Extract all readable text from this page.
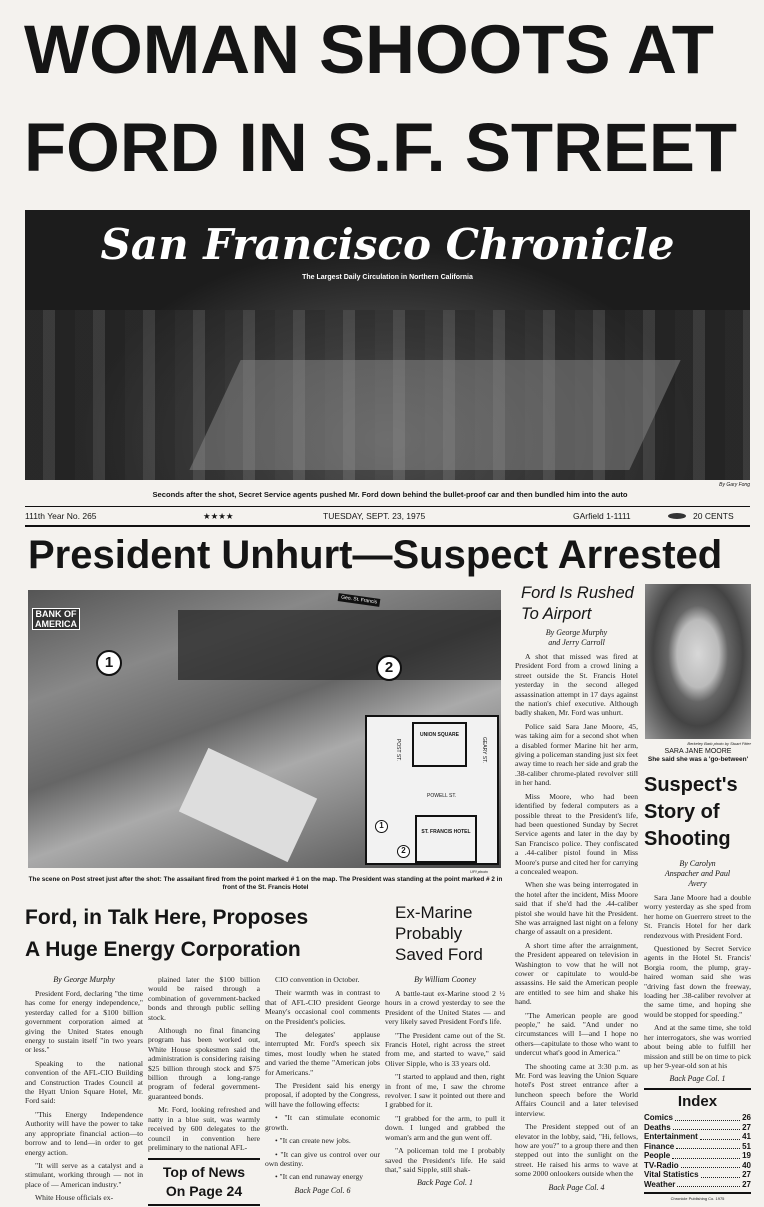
WOMAN SHOOTS AT
FORD IN S.F. STREET
San Francisco Chronicle
The Largest Daily Circulation in Northern California
By Gary Fong
Seconds after the shot, Secret Service agents pushed Mr. Ford down behind the bullet-proof car and then bundled him into the auto
111th Year No. 265	★★★★	TUESDAY, SEPT. 23, 1975	GArfield 1-1111	20 CENTS
President Unhurt—Suspect Arrested
BANK OF AMERICA
Geo. St. Francis
1	2
UNION SQUARE
POST ST.	GEARY ST.
POWELL ST.
ST. FRANCIS HOTEL
1
2
UPI photo
The scene on Post street just after the shot: The assailant fired from the point marked # 1 on the map. The President was standing at the point marked # 2 in front of the St. Francis Hotel
Ford Is Rushed To Airport
By George Murphy and Jerry Carroll

A shot that missed was fired at President Ford from a crowd lining a street outside the St. Francis Hotel yesterday in the second alleged assassination attempt in 17 days against the nation's chief executive. Although badly shaken, Mr. Ford was unhurt.

Police said Sara Jane Moore, 45, was taking aim for a second shot when a disabled former Marine hit her arm, giving a policeman standing just six feet away time to reach her side and grab the .38-caliber chrome-plated revolver still in her hand.

Miss Moore, who had been identified by federal computers as a possible threat to the President's life, had been questioned Sunday by Secret Service agents and later in the day by San Francisco police. They confiscated a .44-caliber pistol found in Miss Moore's purse and cited her for carrying a concealed weapon.

When she was being interrogated in the hotel after the incident, Miss Moore said that if she'd had the .44-caliber pistol she would have hit the President. She was arraigned last night on a felony charge of assault on a president.

A short time after the arraignment, the President appeared on television in Washington to vow that he will not cower or capitulate to would-be assassins. He said the American people are entitled to see him and shake his hand.

"The American people are good people," he said. "And under no circumstances will I—and I hope no others—capitulate to those who want to undercut what's good in America."

The shooting came at 3:30 p.m. as Mr. Ford was leaving the Union Square hotel's Post street entrance after a luncheon speech before the World Affairs Council and a later televised interview.

The President stepped out of an elevator in the lobby, said, "Hi, fellows, how are you?" to a group there and then stepped out into the sunlight on the street. He raised his arms to wave at some 2000 onlookers outside when the

Back Page Col. 4
Berkeley Barb photo by Stuart Fitter
SARA JANE MOORE
She said she was a 'go-between'
Suspect's Story of Shooting
By Carolyn Anspacher and Paul Avery

Sara Jane Moore had a double worry yesterday as she sped from her home on Guerrero street to the St. Francis Hotel for her dark rendezvous with President Ford.

Questioned by Secret Service agents in the Hotel St. Francis' Borgia room, the plump, gray-haired woman said she was "driving fast down the freeway, loading her .38-caliber revolver at the same time, and hoping she would be stopped for speeding."

And at the same time, she told her interrogators, she was worried about being able to fulfill her mission and still be on time to pick up her 9-year-old son at his

Back Page Col. 1
Index
Comics	26
Deaths	27
Entertainment	41
Finance	51
People	19
TV-Radio	40
Vital Statistics	27
Weather	27
Chronicle Publishing Co. 1975
Ford, in Talk Here, Proposes
A Huge Energy Corporation
Ex-Marine Probably Saved Ford
By George Murphy

President Ford, declaring "the time has come for energy independence," yesterday called for a $100 billion government corporation aimed at giving the United States enough energy to sustain itself "in two years or less."

Speaking to the national convention of the AFL-CIO Building and Construction Trades Council at the Hyatt Union Square Hotel, Mr. Ford said:

"This Energy Independence Authority will have the power to take any appropriate financial action—to borrow and to lend—in order to get energy action.

"It will serve as a catalyst and a stimulant, working through — not in place of — American industry."

White House officials ex-

plained later the $100 billion would be raised through a combination of government-backed bonds and through public selling stock.

Although no final financing program has been worked out, White House spokesmen said the administration is considering raising $25 billion through stock and $75 billion through a long-range program of federal government-guaranteed bonds.

Mr. Ford, looking refreshed and natty in a blue suit, was warmly received by 600 delegates to the council in convention here preliminary to the national AFL-

Top of News
On Page 24

CIO convention in October.

Their warmth was in contrast to that of AFL-CIO president George Meany's occasional cool comments on the President's policies.

The delegates' applause interrupted Mr. Ford's speech six times, most loudly when he stated and varied the theme "American jobs for Americans."

The President said his energy proposal, if adopted by the Congress, will have the following effects:

• "It can stimulate economic growth.

• "It can create new jobs.

• "It can give us control over our own destiny.

• "It can end runaway energy

Back Page Col. 6
By William Cooney

A battle-taut ex-Marine stood 2 ½ hours in a crowd yesterday to see the President of the United States — and very likely saved President Ford's life.

"The President came out of the St. Francis Hotel, right across the street from me, and started to wave," said Oliver Sipple, who is 33 years old.

"I started to applaud and then, right in front of me, I saw the chrome revolver. I saw it pointed out there and I grabbed for it.

"I grabbed for the arm, to pull it down. I lunged and grabbed the woman's arm and the gun went off.

"A policeman told me I probably saved the President's life. He said that," said Sipple, still shak-

Back Page Col. 1
